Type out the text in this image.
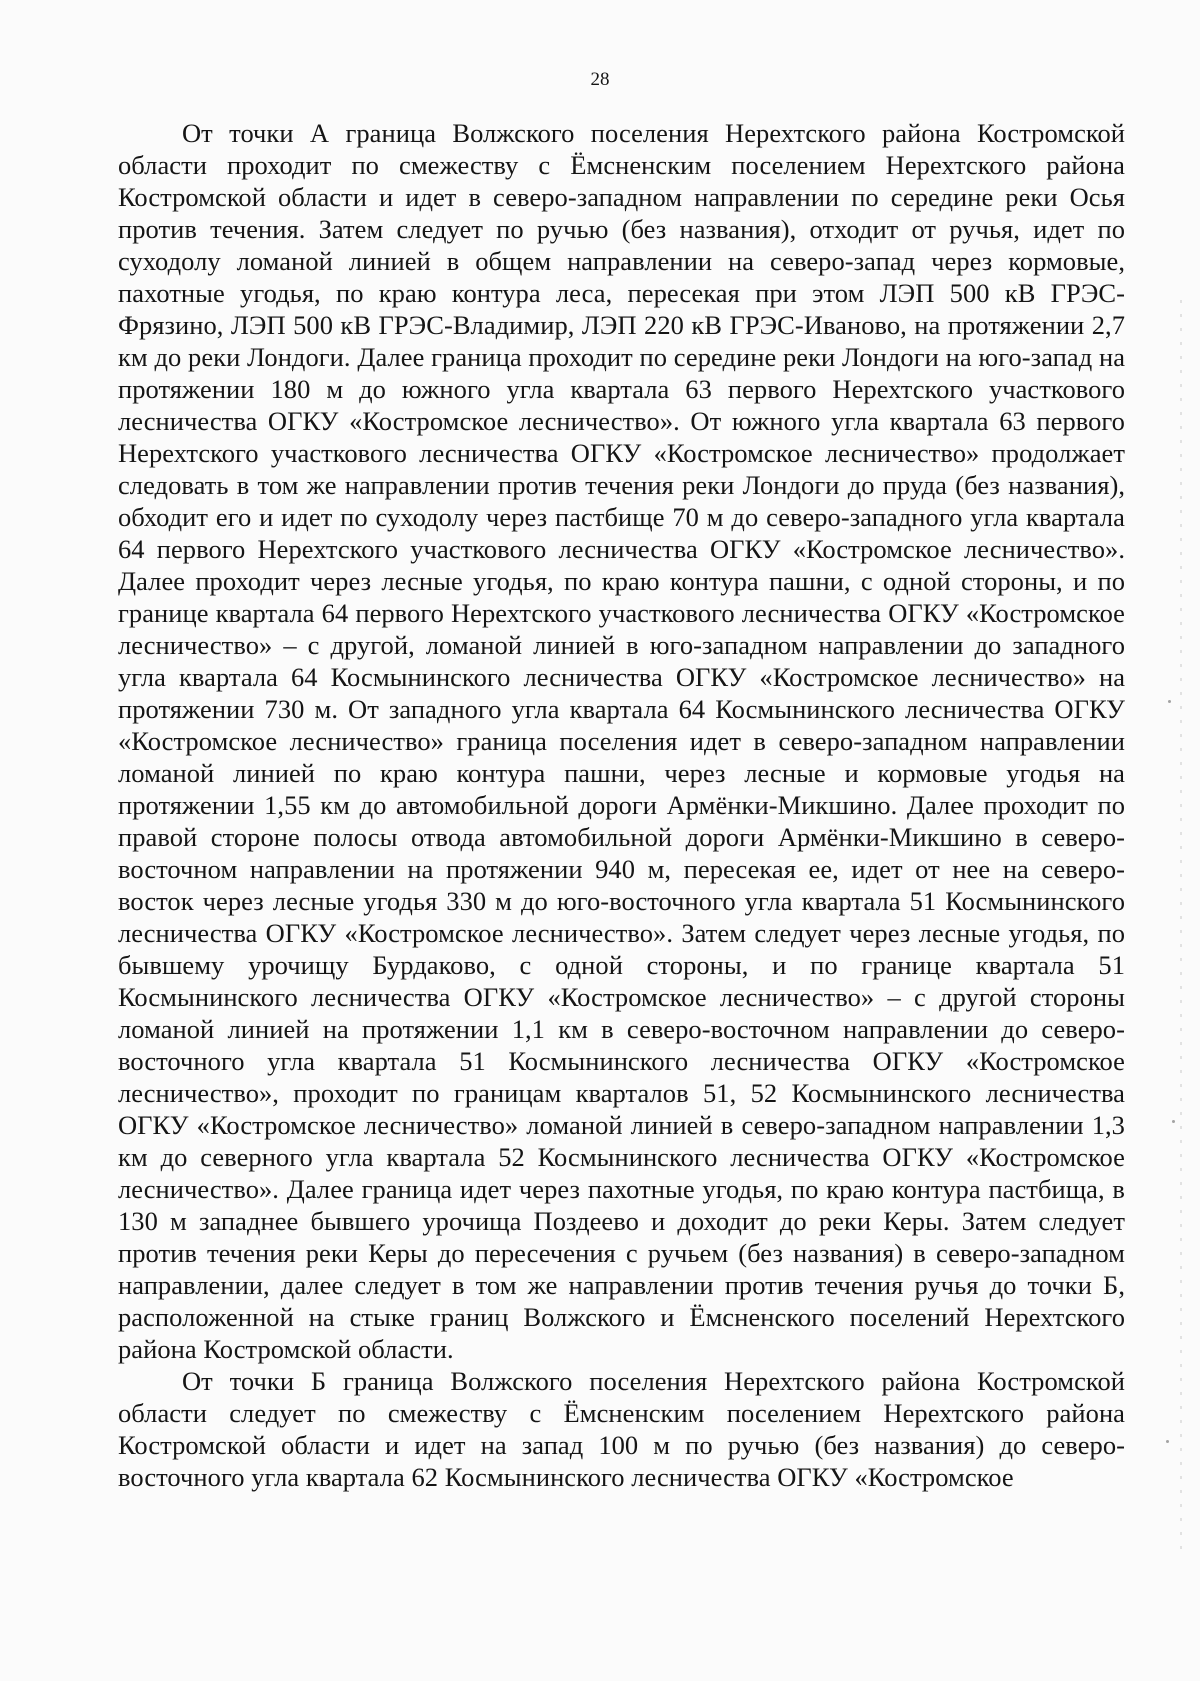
28

От точки А граница Волжского поселения Нерехтского района Костромской области проходит по смежеству с Ёмсненским поселением Нерехтского района Костромской области и идет в северо-западном направлении по середине реки Осья против течения. Затем следует по ручью (без названия), отходит от ручья, идет по суходолу ломаной линией в общем направлении на северо-запад через кормовые, пахотные угодья, по краю контура леса, пересекая при этом ЛЭП 500 кВ ГРЭС-Фрязино, ЛЭП 500 кВ ГРЭС-Владимир, ЛЭП 220 кВ ГРЭС-Иваново, на протяжении 2,7 км до реки Лондоги. Далее граница проходит по середине реки Лондоги на юго-запад на протяжении 180 м до южного угла квартала 63 первого Нерехтского участкового лесничества ОГКУ «Костромское лесничество». От южного угла квартала 63 первого Нерехтского участкового лесничества ОГКУ «Костромское лесничество» продолжает следовать в том же направлении против течения реки Лондоги до пруда (без названия), обходит его и идет по суходолу через пастбище 70 м до северо-западного угла квартала 64 первого Нерехтского участкового лесничества ОГКУ «Костромское лесничество». Далее проходит через лесные угодья, по краю контура пашни, с одной стороны, и по границе квартала 64 первого Нерехтского участкового лесничества ОГКУ «Костромское лесничество» – с другой, ломаной линией в юго-западном направлении до западного угла квартала 64 Космынинского лесничества ОГКУ «Костромское лесничество» на протяжении 730 м. От западного угла квартала 64 Космынинского лесничества ОГКУ «Костромское лесничество» граница поселения идет в северо-западном направлении ломаной линией по краю контура пашни, через лесные и кормовые угодья на протяжении 1,55 км до автомобильной дороги Армёнки-Микшино. Далее проходит по правой стороне полосы отвода автомобильной дороги Армёнки-Микшино в северо-восточном направлении на протяжении 940 м, пересекая ее, идет от нее на северо-восток через лесные угодья 330 м до юго-восточного угла квартала 51 Космынинского лесничества ОГКУ «Костромское лесничество». Затем следует через лесные угодья, по бывшему урочищу Бурдаково, с одной стороны, и по границе квартала 51 Космынинского лесничества ОГКУ «Костромское лесничество» – с другой стороны ломаной линией на протяжении 1,1 км в северо-восточном направлении до северо-восточного угла квартала 51 Космынинского лесничества ОГКУ «Костромское лесничество», проходит по границам кварталов 51, 52 Космынинского лесничества ОГКУ «Костромское лесничество» ломаной линией в северо-западном направлении 1,3 км до северного угла квартала 52 Космынинского лесничества ОГКУ «Костромское лесничество». Далее граница идет через пахотные угодья, по краю контура пастбища, в 130 м западнее бывшего урочища Поздеево и доходит до реки Керы. Затем следует против течения реки Керы до пересечения с ручьем (без названия) в северо-западном направлении, далее следует в том же направлении против течения ручья до точки Б, расположенной на стыке границ Волжского и Ёмсненского поселений Нерехтского района Костромской области.

От точки Б граница Волжского поселения Нерехтского района Костромской области следует по смежеству с Ёмсненским поселением Нерехтского района Костромской области и идет на запад 100 м по ручью (без названия) до северо-восточного угла квартала 62 Космынинского лесничества ОГКУ «Костромское
